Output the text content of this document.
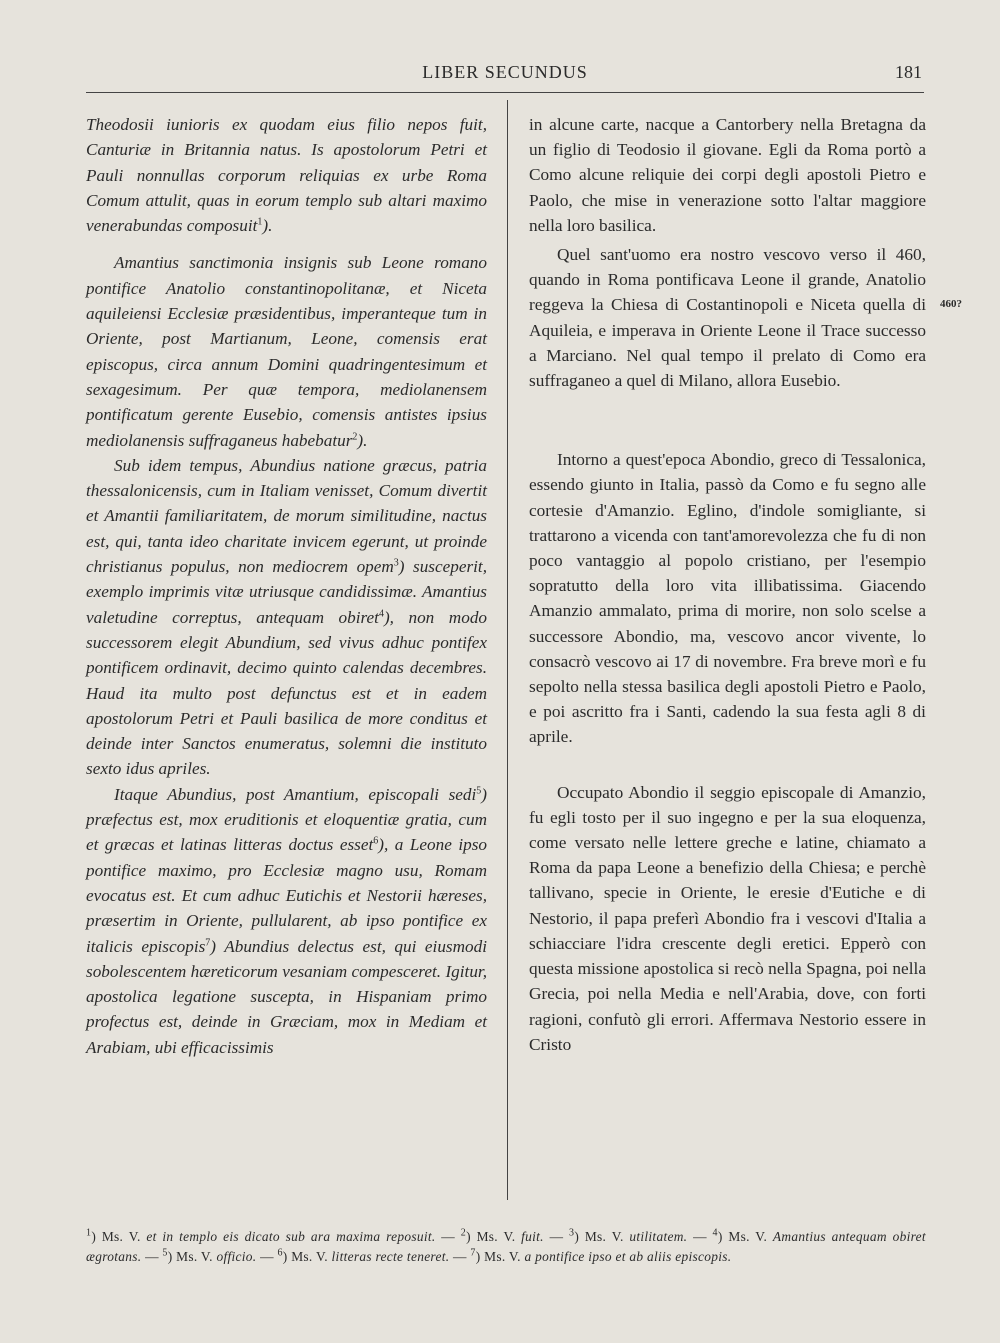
LIBER SECUNDUS	181

Theodosii iunioris ex quodam eius filio nepos fuit, Canturiæ in Britannia natus. Is apostolorum Petri et Pauli nonnullas corporum reliquias ex urbe Roma Comum attulit, quas in eorum templo sub altari maximo venerabundas composuit$^1$).

Amantius sanctimonia insignis sub Leone romano pontifice Anatolio constantinopolitanæ, et Niceta aquileiensi Ecclesiæ præsidentibus, imperanteque tum in Oriente, post Martianum, Leone, comensis erat episcopus, circa annum Domini quadringentesimum et sexagesimum. Per quæ tempora, mediolanensem pontificatum gerente Eusebio, comensis antistes ipsius mediolanensis suffraganeus habebatur$^2$).

Sub idem tempus, Abundius natione græcus, patria thessalonicensis, cum in Italiam venisset, Comum divertit et Amantii familiaritatem, de morum similitudine, nactus est, qui, tanta ideo charitate invicem egerunt, ut proinde christianus populus, non mediocrem opem$^3$) susceperit, exemplo imprimis vitæ utriusque candidissimæ. Amantius valetudine correptus, antequam obiret$^4$), non modo successorem elegit Abundium, sed vivus adhuc pontifex pontificem ordinavit, decimo quinto calendas decembres. Haud ita multo post defunctus est et in eadem apostolorum Petri et Pauli basilica de more conditus et deinde inter Sanctos enumeratus, solemni die instituto sexto idus apriles.

Itaque Abundius, post Amantium, episcopali sedi$^5$) præfectus est, mox eruditionis et eloquentiæ gratia, cum et græcas et latinas litteras doctus esset$^6$), a Leone ipso pontifice maximo, pro Ecclesiæ magno usu, Romam evocatus est. Et cum adhuc Eutichis et Nestorii hæreses, præsertim in Oriente, pullularent, ab ipso pontifice ex italicis episcopis$^7$) Abundius delectus est, qui eiusmodi sobolescentem hæreticorum vesaniam compesceret. Igitur, apostolica legatione suscepta, in Hispaniam primo profectus est, deinde in Græciam, mox in Mediam et Arabiam, ubi efficacissimis

in alcune carte, nacque a Cantorbery nella Bretagna da un figlio di Teodosio il giovane. Egli da Roma portò a Como alcune reliquie dei corpi degli apostoli Pietro e Paolo, che mise in venerazione sotto l'altar maggiore nella loro basilica.

Quel sant'uomo era nostro vescovo verso il 460, quando in Roma pontificava Leone il grande, Anatolio reggeva la Chiesa di Costantinopoli e Niceta quella di Aquileia, e imperava in Oriente Leone il Trace successo a Marciano. Nel qual tempo il prelato di Como era suffraganeo a quel di Milano, allora Eusebio.

Intorno a quest'epoca Abondio, greco di Tessalonica, essendo giunto in Italia, passò da Como e fu segno alle cortesie d'Amanzio. Eglino, d'indole somigliante, si trattarono a vicenda con tant'amorevolezza che fu di non poco vantaggio al popolo cristiano, per l'esempio sopratutto della loro vita illibatissima. Giacendo Amanzio ammalato, prima di morire, non solo scelse a successore Abondio, ma, vescovo ancor vivente, lo consacrò vescovo ai 17 di novembre. Fra breve morì e fu sepolto nella stessa basilica degli apostoli Pietro e Paolo, e poi ascritto fra i Santi, cadendo la sua festa agli 8 di aprile.

Occupato Abondio il seggio episcopale di Amanzio, fu egli tosto per il suo ingegno e per la sua eloquenza, come versato nelle lettere greche e latine, chiamato a Roma da papa Leone a benefizio della Chiesa; e perchè tallivano, specie in Oriente, le eresie d'Eutiche e di Nestorio, il papa preferì Abondio fra i vescovi d'Italia a schiacciare l'idra crescente degli eretici. Epperò con questa missione apostolica si recò nella Spagna, poi nella Grecia, poi nella Media e nell'Arabia, dove, con forti ragioni, confutò gli errori. Affermava Nestorio essere in Cristo

460?
$^1$) Ms. V. et in templo eis dicato sub ara maxima reposuit. — $^2$) Ms. V. fuit. — $^3$) Ms. V. utilitatem. — $^4$) Ms. V. Amantius antequam obiret ægrotans. — $^5$) Ms. V. officio. — $^6$) Ms. V. litteras recte teneret. — $^7$) Ms. V. a pontifice ipso et ab aliis episcopis.
